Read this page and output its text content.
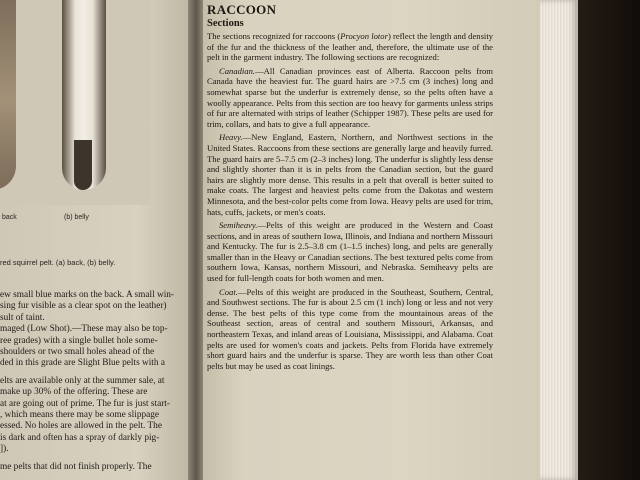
back	(b) belly
red squirrel pelt. (a) back, (b) belly.
ew small blue marks on the back. A small win-
sing fur visible as a clear spot on the leather)
sult of taint.
maged (Low Shot).—These may also be top-
ree grades) with a single bullet hole some-
shoulders or two small holes ahead of the
ded in this grade are Slight Blue pelts with a

elts are available only at the summer sale, at
make up 30% of the offering. These are
at are going out of prime. The fur is just start-
, which means there may be some slippage
essed. No holes are allowed in the pelt. The
is dark and often has a spray of darkly pig-
]).

me pelts that did not finish properly. The
RACCOON
Sections

The sections recognized for raccoons (Procyon lotor) reflect the length and density of the fur and the thickness of the leather and, therefore, the ultimate use of the pelt in the garment industry. The following sections are recognized:

Canadian.—All Canadian provinces east of Alberta. Raccoon pelts from Canada have the heaviest fur. The guard hairs are >7.5 cm (3 inches) long and somewhat sparse but the underfur is extremely dense, so the pelts often have a woolly appearance. Pelts from this section are too heavy for garments unless strips of fur are alternated with strips of leather (Schipper 1987). These pelts are used for trim, collars, and hats to give a full appearance.

Heavy.—New England, Eastern, Northern, and Northwest sections in the United States. Raccoons from these sections are generally large and heavily furred. The guard hairs are 5–7.5 cm (2–3 inches) long. The underfur is slightly less dense and slightly shorter than it is in pelts from the Canadian section, but the guard hairs are slightly more dense. This results in a pelt that overall is better suited to make coats. The largest and heaviest pelts come from the Dakotas and western Minnesota, and the best-color pelts come from Iowa. Heavy pelts are used for trim, hats, cuffs, jackets, or men's coats.

Semiheavy.—Pelts of this weight are produced in the Western and Coast sections, and in areas of southern Iowa, Illinois, and Indiana and northern Missouri and Kentucky. The fur is 2.5–3.8 cm (1–1.5 inches) long, and pelts are generally smaller than in the Heavy or Canadian sections. The best textured pelts come from southern Iowa, Kansas, northern Missouri, and Nebraska. Semiheavy pelts are used for full-length coats for both women and men.

Coat.—Pelts of this weight are produced in the Southeast, Southern, Central, and Southwest sections. The fur is about 2.5 cm (1 inch) long or less and not very dense. The best pelts of this type come from the mountainous areas of the Southeast section, areas of central and southern Missouri, Arkansas, and northeastern Texas, and inland areas of Louisiana, Mississippi, and Alabama. Coat pelts are used for women's coats and jackets. Pelts from Florida have extremely short guard hairs and the underfur is sparse. They are worth less than other Coat pelts but may be used as coat linings.
